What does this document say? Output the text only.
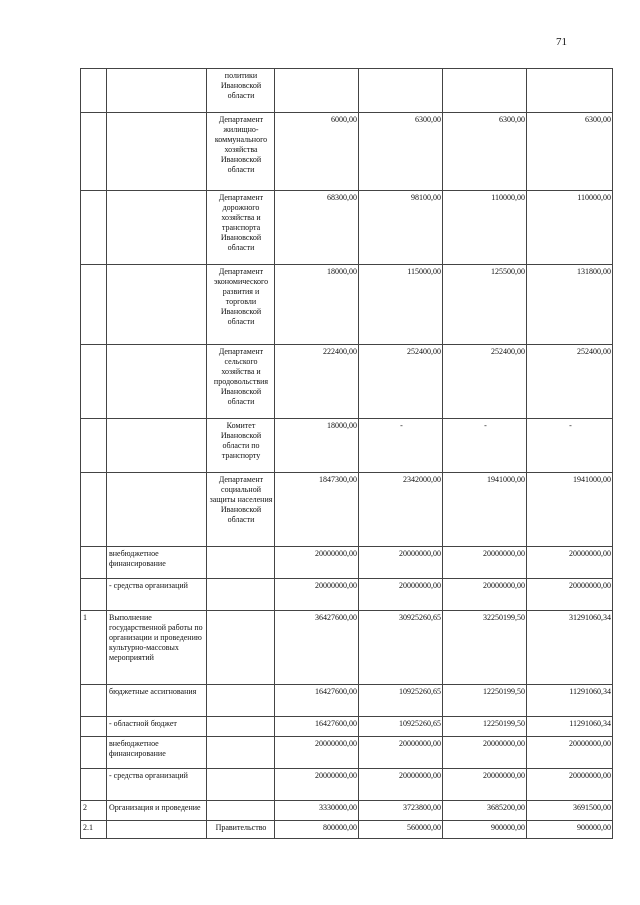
71
		политики Ивановской области				
		Департамент жилищно-коммунального хозяйства Ивановской области	6000,00	6300,00	6300,00	6300,00
		Департамент дорожного хозяйства и транспорта Ивановской области	68300,00	98100,00	110000,00	110000,00
		Департамент экономического развития и торговли Ивановской области	18000,00	115000,00	125500,00	131800,00
		Департамент сельского хозяйства и продовольствия Ивановской области	222400,00	252400,00	252400,00	252400,00
		Комитет Ивановской области по транспорту	18000,00	-	-	-
		Департамент социальной защиты населения Ивановской области	1847300,00	2342000,00	1941000,00	1941000,00
	внебюджетное финансирование		20000000,00	20000000,00	20000000,00	20000000,00
	- средства организаций		20000000,00	20000000,00	20000000,00	20000000,00
1	Выполнение государственной работы по организации и проведению культурно-массовых мероприятий		36427600,00	30925260,65	32250199,50	31291060,34
	бюджетные ассигнования		16427600,00	10925260,65	12250199,50	11291060,34
	- областной бюджет		16427600,00	10925260,65	12250199,50	11291060,34
	внебюджетное финансирование		20000000,00	20000000,00	20000000,00	20000000,00
	- средства организаций		20000000,00	20000000,00	20000000,00	20000000,00
2	Организация и проведение		3330000,00	3723800,00	3685200,00	3691500,00
2.1		Правительство	800000,00	560000,00	900000,00	900000,00
